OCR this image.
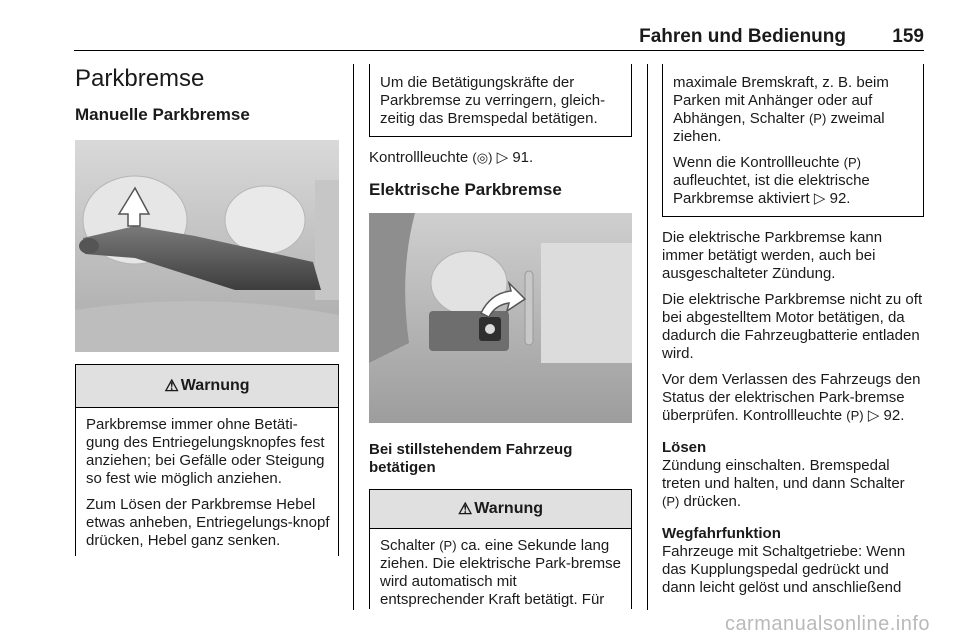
Fahren und Bedienung 159
Parkbremse
Manuelle Parkbremse
⚠ Warnung

Parkbremse immer ohne Betäti-gung des Entriegelungsknopfes fest anziehen; bei Gefälle oder Steigung so fest wie möglich anziehen.

Zum Lösen der Parkbremse Hebel etwas anheben, Entriegelungs-knopf drücken, Hebel ganz senken.

Um die Betätigungskräfte der Parkbremse zu verringern, gleich-zeitig das Bremspedal betätigen.

Kontrollleuchte (◎) ▷ 91.

Elektrische Parkbremse
Bei stillstehendem Fahrzeug betätigen
⚠ Warnung

Schalter (P) ca. eine Sekunde lang ziehen. Die elektrische Park-bremse wird automatisch mit entsprechender Kraft betätigt. Für

maximale Bremskraft, z. B. beim Parken mit Anhänger oder auf Abhängen, Schalter (P) zweimal ziehen.

Wenn die Kontrollleuchte (P) aufleuchtet, ist die elektrische Parkbremse aktiviert ▷ 92.

Die elektrische Parkbremse kann immer betätigt werden, auch bei ausgeschalteter Zündung.

Die elektrische Parkbremse nicht zu oft bei abgestelltem Motor betätigen, da dadurch die Fahrzeugbatterie entladen wird.

Vor dem Verlassen des Fahrzeugs den Status der elektrischen Park-bremse überprüfen. Kontrollleuchte (P) ▷ 92.

Lösen

Zündung einschalten. Bremspedal treten und halten, und dann Schalter (P) drücken.

Wegfahrfunktion

Fahrzeuge mit Schaltgetriebe: Wenn das Kupplungspedal gedrückt und dann leicht gelöst und anschließend

carmanualsonline.info
